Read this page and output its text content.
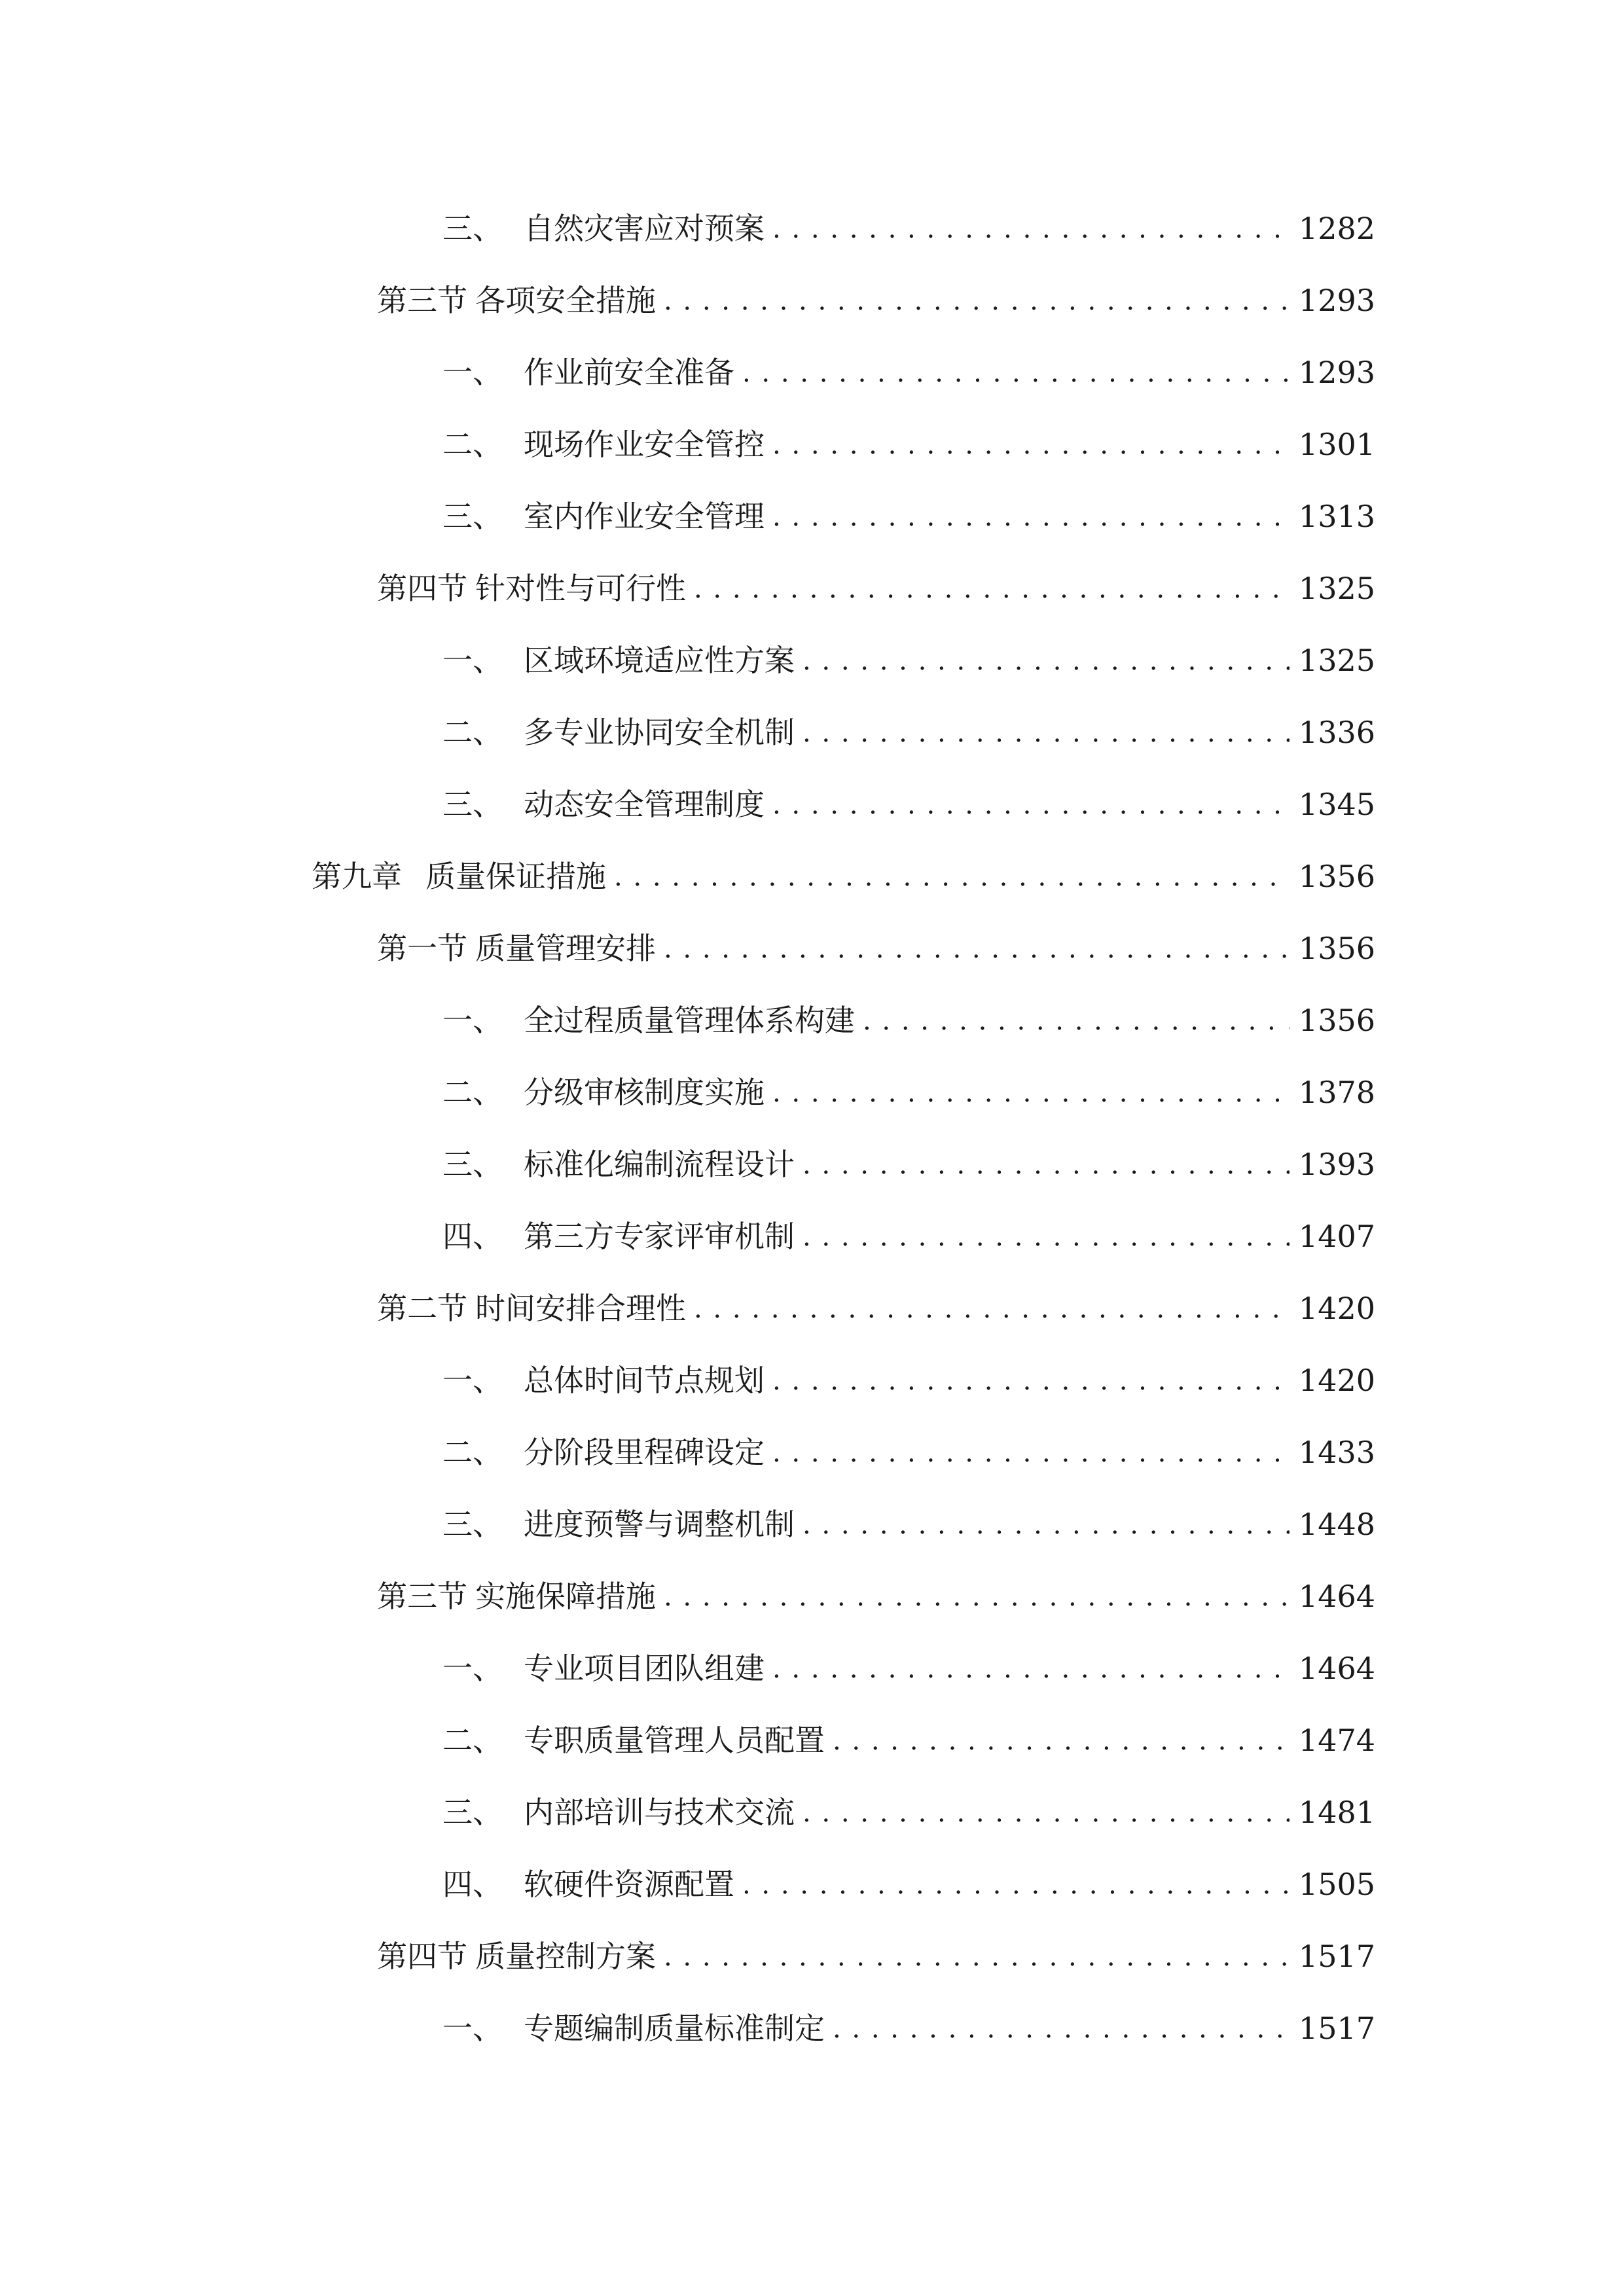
三、 自然灾害应对预案 . . .	1282
第三节 各项安全措施 . . .	1293
一、 作业前安全准备 . . .	1293
二、 现场作业安全管控 . . .	1301
三、 室内作业安全管理 . . .	1313
第四节 针对性与可行性 . . .	1325
一、 区域环境适应性方案 . . .	1325
二、 多专业协同安全机制 . . .	1336
三、 动态安全管理制度 . . .	1345
第九章 质量保证措施 . . .	1356
第一节 质量管理安排 . . .	1356
一、 全过程质量管理体系构建 . . .	1356
二、 分级审核制度实施 . . .	1378
三、 标准化编制流程设计 . . .	1393
四、 第三方专家评审机制 . . .	1407
第二节 时间安排合理性 . . .	1420
一、 总体时间节点规划 . . .	1420
二、 分阶段里程碑设定 . . .	1433
三、 进度预警与调整机制 . . .	1448
第三节 实施保障措施 . . .	1464
一、 专业项目团队组建 . . .	1464
二、 专职质量管理人员配置 . . .	1474
三、 内部培训与技术交流 . . .	1481
四、 软硬件资源配置 . . .	1505
第四节 质量控制方案 . . .	1517
一、 专题编制质量标准制定 . . .	1517
